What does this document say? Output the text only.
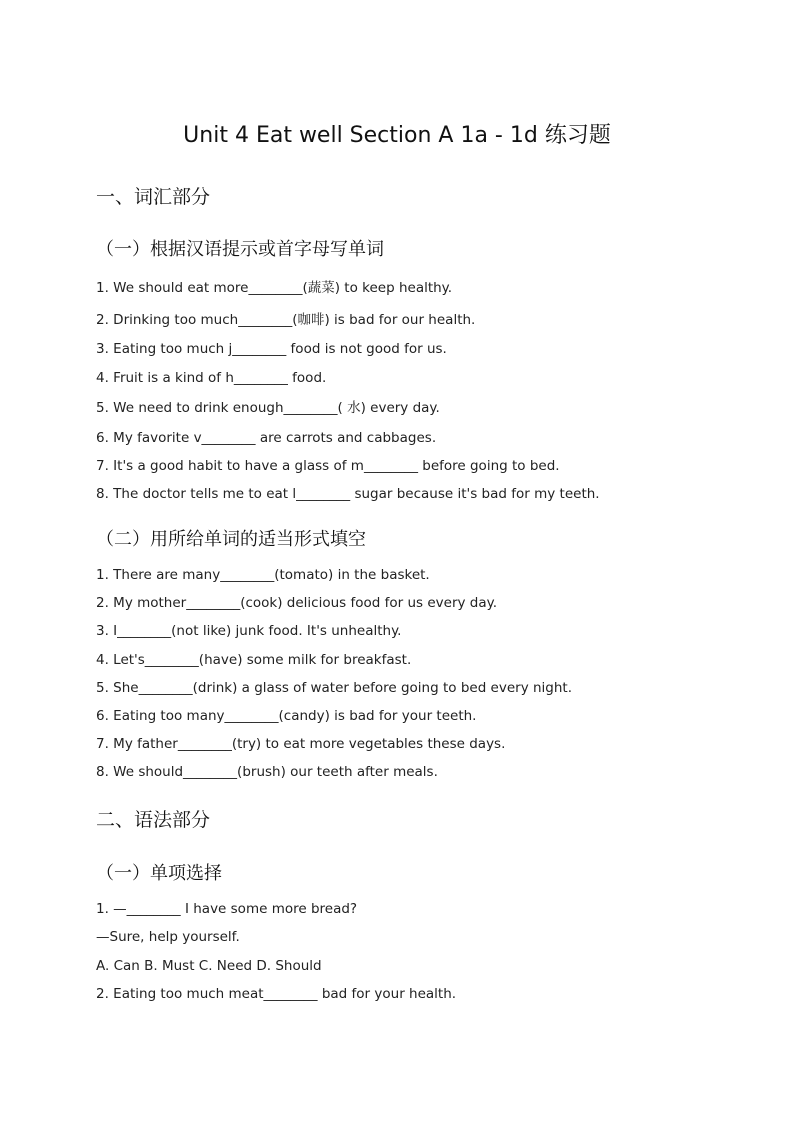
Unit 4 Eat well Section A 1a - 1d 练习题
一、词汇部分
（一）根据汉语提示或首字母写单词
1. We should eat more________(蔬菜) to keep healthy.
2. Drinking too much________(咖啡) is bad for our health.
3. Eating too much j________ food is not good for us.
4. Fruit is a kind of h________ food.
5. We need to drink enough________( 水) every day.
6. My favorite v________ are carrots and cabbages.
7. It's a good habit to have a glass of m________ before going to bed.
8. The doctor tells me to eat l________ sugar because it's bad for my teeth.
（二）用所给单词的适当形式填空
1. There are many________(tomato) in the basket.
2. My mother________(cook) delicious food for us every day.
3. I________(not like) junk food. It's unhealthy.
4. Let's________(have) some milk for breakfast.
5. She________(drink) a glass of water before going to bed every night.
6. Eating too many________(candy) is bad for your teeth.
7. My father________(try) to eat more vegetables these days.
8. We should________(brush) our teeth after meals.
二、语法部分
（一）单项选择
1. —________ I have some more bread?
—Sure, help yourself.
A. Can B. Must C. Need D. Should
2. Eating too much meat________ bad for your health.
